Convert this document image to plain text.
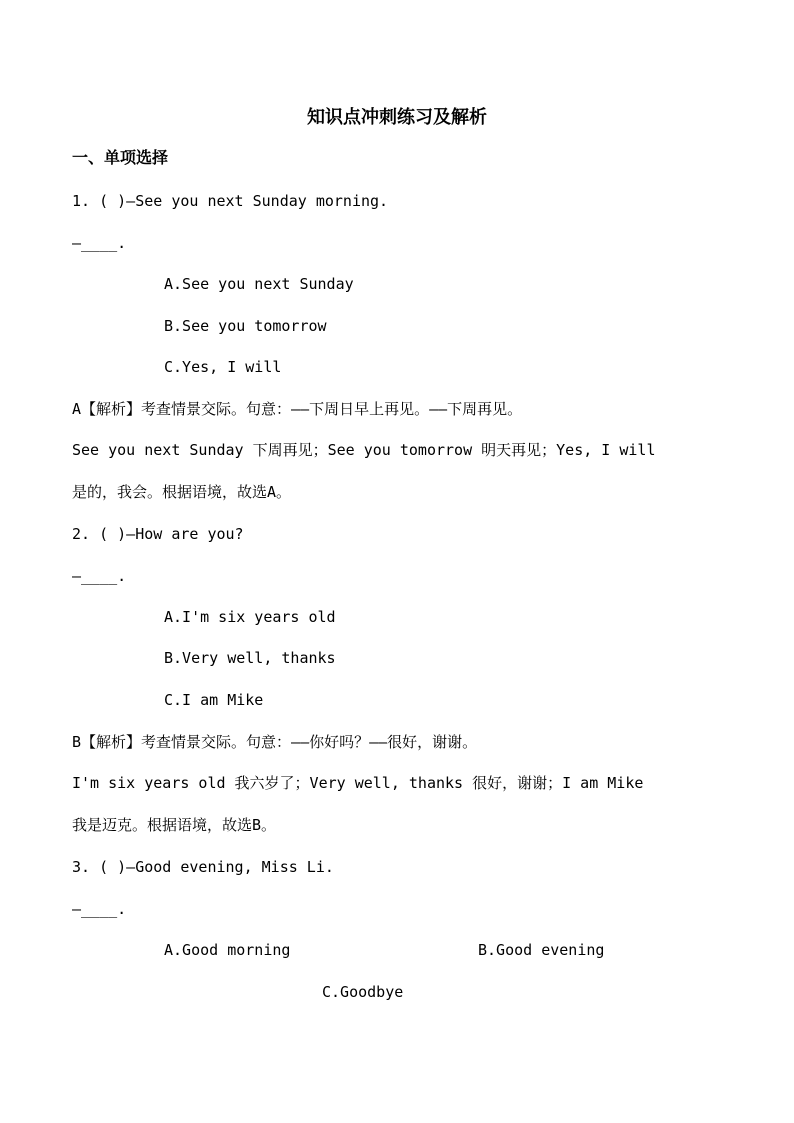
知识点冲刺练习及解析
一、单项选择
1. ( )—See you next Sunday morning.
—____.
A.See you next Sunday
B.See you tomorrow
C.Yes, I will
A【解析】考查情景交际。句意：——下周日早上再见。——下周再见。
See you next Sunday 下周再见；See you tomorrow 明天再见；Yes, I will
是的，我会。根据语境，故选A。
2. ( )—How are you?
—____.
A.I'm six years old
B.Very well, thanks
C.I am Mike
B【解析】考查情景交际。句意：——你好吗？——很好，谢谢。
I'm six years old 我六岁了；Very well, thanks 很好，谢谢；I am Mike
我是迈克。根据语境，故选B。
3. ( )—Good evening, Miss Li.
—____.
A.Good morning	B.Good evening
C.Goodbye
